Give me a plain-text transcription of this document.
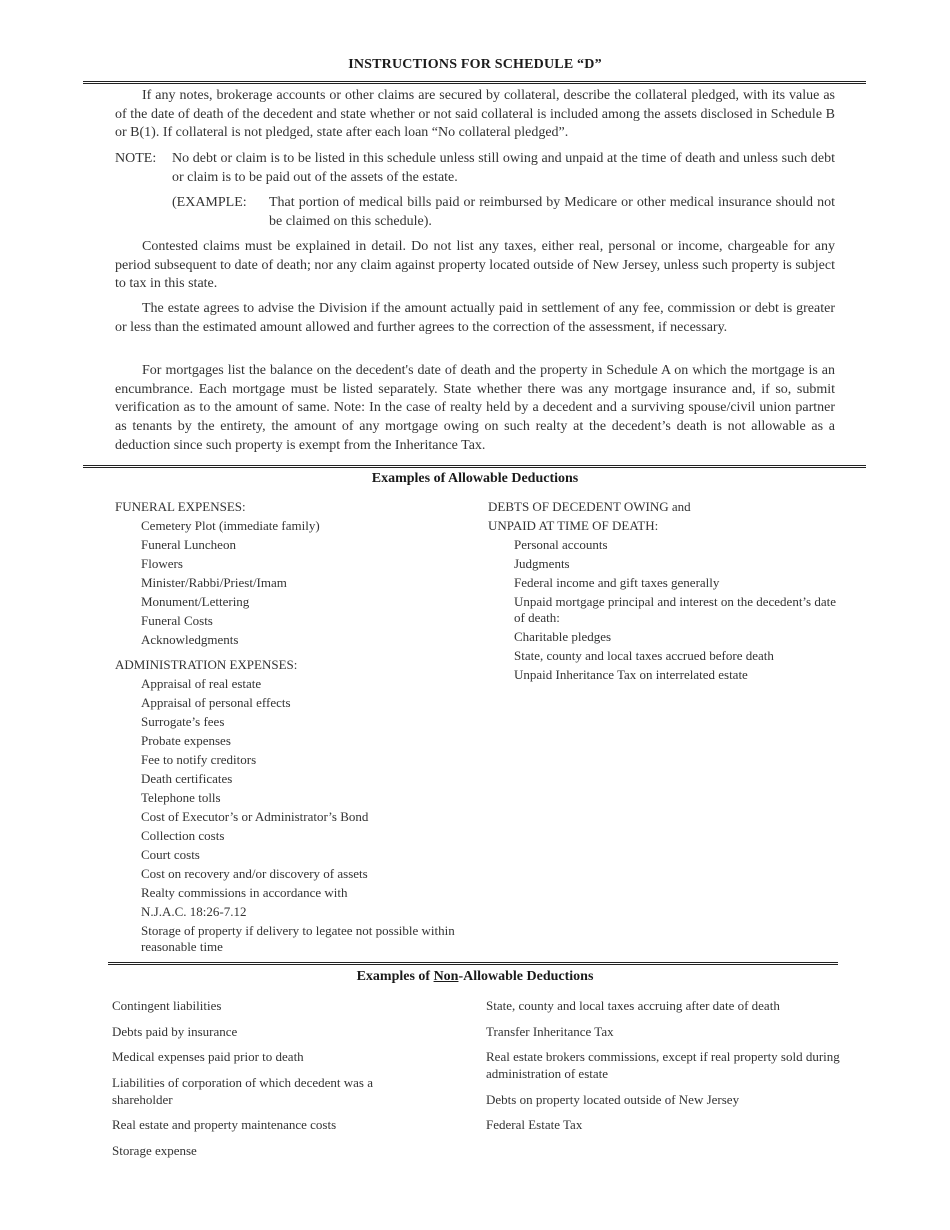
INSTRUCTIONS FOR SCHEDULE “D”

If any notes, brokerage accounts or other claims are secured by collateral, describe the collateral pledged, with its value as of the date of death of the decedent and state whether or not said collateral is included among the assets disclosed in Schedule B or B(1). If collateral is not pledged, state after each loan “No collateral pledged”.

NOTE: No debt or claim is to be listed in this schedule unless still owing and unpaid at the time of death and unless such debt or claim is to be paid out of the assets of the estate.
(EXAMPLE: That portion of medical bills paid or reimbursed by Medicare or other medical insurance should not be claimed on this schedule).

Contested claims must be explained in detail. Do not list any taxes, either real, personal or income, chargeable for any period subsequent to date of death; nor any claim against property located outside of New Jersey, unless such property is subject to tax in this state.

The estate agrees to advise the Division if the amount actually paid in settlement of any fee, commission or debt is greater or less than the estimated amount allowed and further agrees to the correction of the assessment, if necessary.

For mortgages list the balance on the decedent's date of death and the property in Schedule A on which the mortgage is an encumbrance. Each mortgage must be listed separately. State whether there was any mortgage insurance and, if so, submit verification as to the amount of same. Note: In the case of realty held by a decedent and a surviving spouse/civil union partner as tenants by the entirety, the amount of any mortgage owing on such realty at the decedent’s death is not allowable as a deduction since such property is exempt from the Inheritance Tax.

Examples of Allowable Deductions
FUNERAL EXPENSES:
Cemetery Plot (immediate family)
Funeral Luncheon
Flowers
Minister/Rabbi/Priest/Imam
Monument/Lettering
Funeral Costs
Acknowledgments
ADMINISTRATION EXPENSES:
Appraisal of real estate
Appraisal of personal effects
Surrogate’s fees
Probate expenses
Fee to notify creditors
Death certificates
Telephone tolls
Cost of Executor’s or Administrator’s Bond
Collection costs
Court costs
Cost on recovery and/or discovery of assets
Realty commissions in accordance with
N.J.A.C. 18:26-7.12
Storage of property if delivery to legatee not possible within reasonable time
DEBTS OF DECEDENT OWING and
UNPAID AT TIME OF DEATH:
Personal accounts
Judgments
Federal income and gift taxes generally
Unpaid mortgage principal and interest on the decedent’s date of death:
Charitable pledges
State, county and local taxes accrued before death
Unpaid Inheritance Tax on interrelated estate
Examples of Non-Allowable Deductions
Contingent liabilities
Debts paid by insurance
Medical expenses paid prior to death
Liabilities of corporation of which decedent was a shareholder
Real estate and property maintenance costs
Storage expense
State, county and local taxes accruing after date of death
Transfer Inheritance Tax
Real estate brokers commissions, except if real property sold during administration of estate
Debts on property located outside of New Jersey
Federal Estate Tax
